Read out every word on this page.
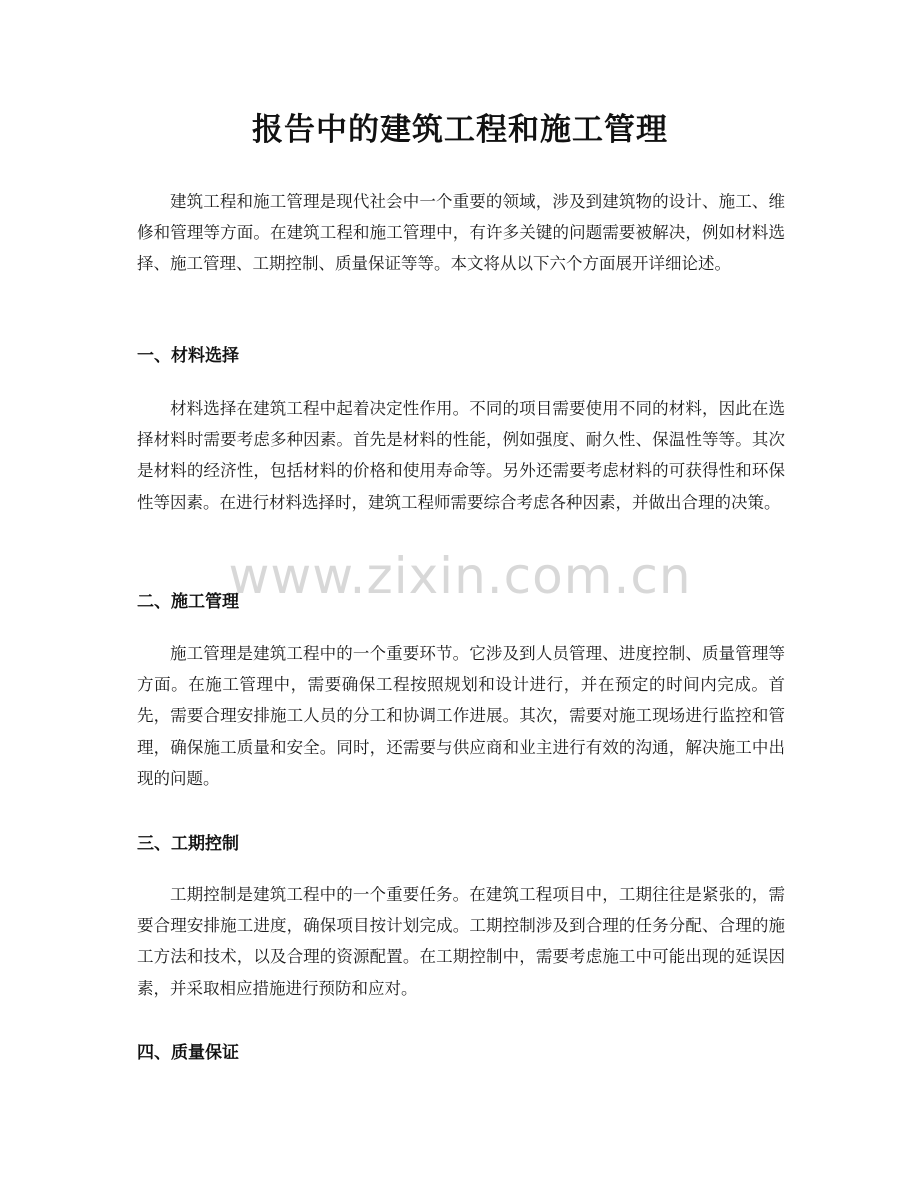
报告中的建筑工程和施工管理

建筑工程和施工管理是现代社会中一个重要的领域，涉及到建筑物的设计、施工、维修和管理等方面。在建筑工程和施工管理中，有许多关键的问题需要被解决，例如材料选择、施工管理、工期控制、质量保证等等。本文将从以下六个方面展开详细论述。

一、材料选择

材料选择在建筑工程中起着决定性作用。不同的项目需要使用不同的材料，因此在选择材料时需要考虑多种因素。首先是材料的性能，例如强度、耐久性、保温性等等。其次是材料的经济性，包括材料的价格和使用寿命等。另外还需要考虑材料的可获得性和环保性等因素。在进行材料选择时，建筑工程师需要综合考虑各种因素，并做出合理的决策。

二、施工管理

施工管理是建筑工程中的一个重要环节。它涉及到人员管理、进度控制、质量管理等方面。在施工管理中，需要确保工程按照规划和设计进行，并在预定的时间内完成。首先，需要合理安排施工人员的分工和协调工作进展。其次，需要对施工现场进行监控和管理，确保施工质量和安全。同时，还需要与供应商和业主进行有效的沟通，解决施工中出现的问题。

三、工期控制

工期控制是建筑工程中的一个重要任务。在建筑工程项目中，工期往往是紧张的，需要合理安排施工进度，确保项目按计划完成。工期控制涉及到合理的任务分配、合理的施工方法和技术，以及合理的资源配置。在工期控制中，需要考虑施工中可能出现的延误因素，并采取相应措施进行预防和应对。

四、质量保证
www.zixin.com.cn
